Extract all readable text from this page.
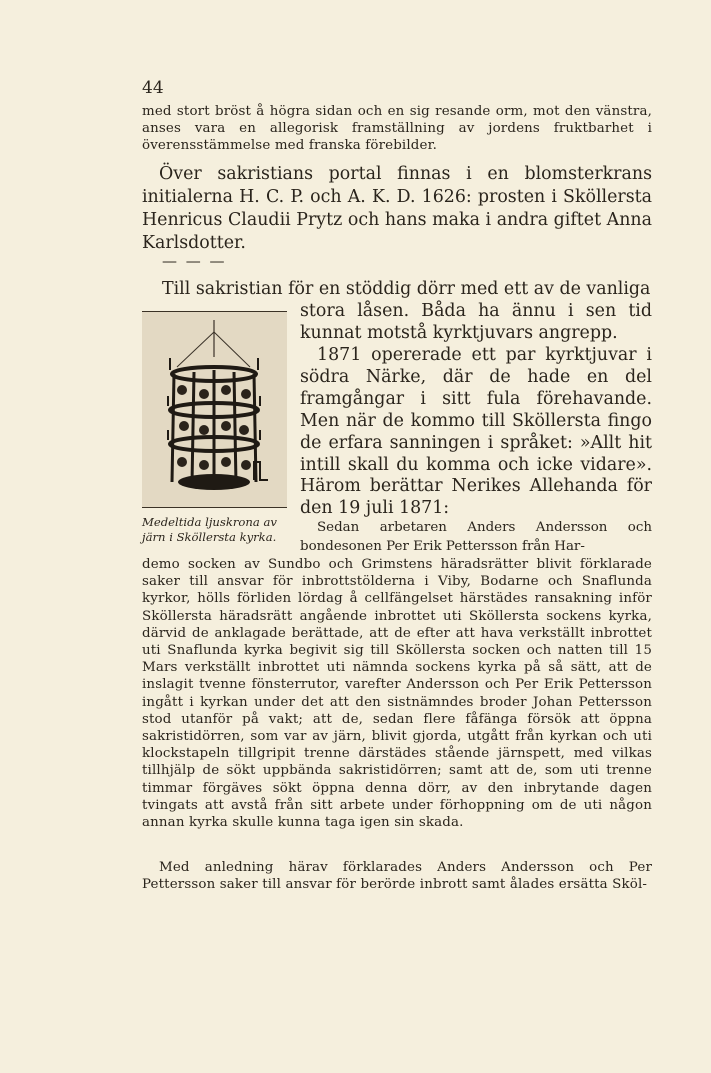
44

med stort bröst å högra sidan och en sig resande orm, mot den vänstra, anses vara en allegorisk framställning av jordens fruktbarhet i överensstämmelse med franska förebilder.

Över sakristians portal finnas i en blomsterkrans initialerna H. C. P. och A. K. D. 1626: prosten i Sköllersta Henricus Claudii Prytz och hans maka i andra giftet Anna Karlsdotter.

— — —

Till sakristian för en stöddig dörr med ett av de vanliga

Medeltida ljuskrona av
järn i Sköllersta kyrka.

stora låsen. Båda ha ännu i sen tid kunnat motstå kyrktjuvars angrepp.

1871 opererade ett par kyrktjuvar i södra Närke, där de hade en del framgångar i sitt fula förehavande. Men när de kommo till Sköllersta fingo de erfara sanningen i språket: »Allt hit intill skall du komma och icke vidare». Härom berättar Nerikes Allehanda för den 19 juli 1871:

Sedan arbetaren Anders Andersson och bondesonen Per Erik Pettersson från Har-

demo socken av Sundbo och Grimstens häradsrätter blivit förklarade saker till ansvar för inbrottstölderna i Viby, Bodarne och Snaflunda kyrkor, hölls förliden lördag å cellfängelset härstädes ransakning inför Sköllersta häradsrätt angående inbrottet uti Sköllersta sockens kyrka, därvid de anklagade berättade, att de efter att hava verkställt inbrottet uti Snaflunda kyrka begivit sig till Sköllersta socken och natten till 15 Mars verkställt inbrottet uti nämnda sockens kyrka på så sätt, att de inslagit tvenne fönsterrutor, varefter Andersson och Per Erik Pettersson ingått i kyrkan under det att den sistnämndes broder Johan Pettersson stod utanför på vakt; att de, sedan flere fåfänga försök att öppna sakristidörren, som var av järn, blivit gjorda, utgått från kyrkan och uti klockstapeln tillgripit trenne därstädes stående järnspett, med vilkas tillhjälp de sökt uppbända sakristidörren; samt att de, som uti trenne timmar förgäves sökt öppna denna dörr, av den inbrytande dagen tvingats att avstå från sitt arbete under förhoppning om de uti någon annan kyrka skulle kunna taga igen sin skada.

Med anledning härav förklarades Anders Andersson och Per Pettersson saker till ansvar för berörde inbrott samt ålades ersätta Sköl-
